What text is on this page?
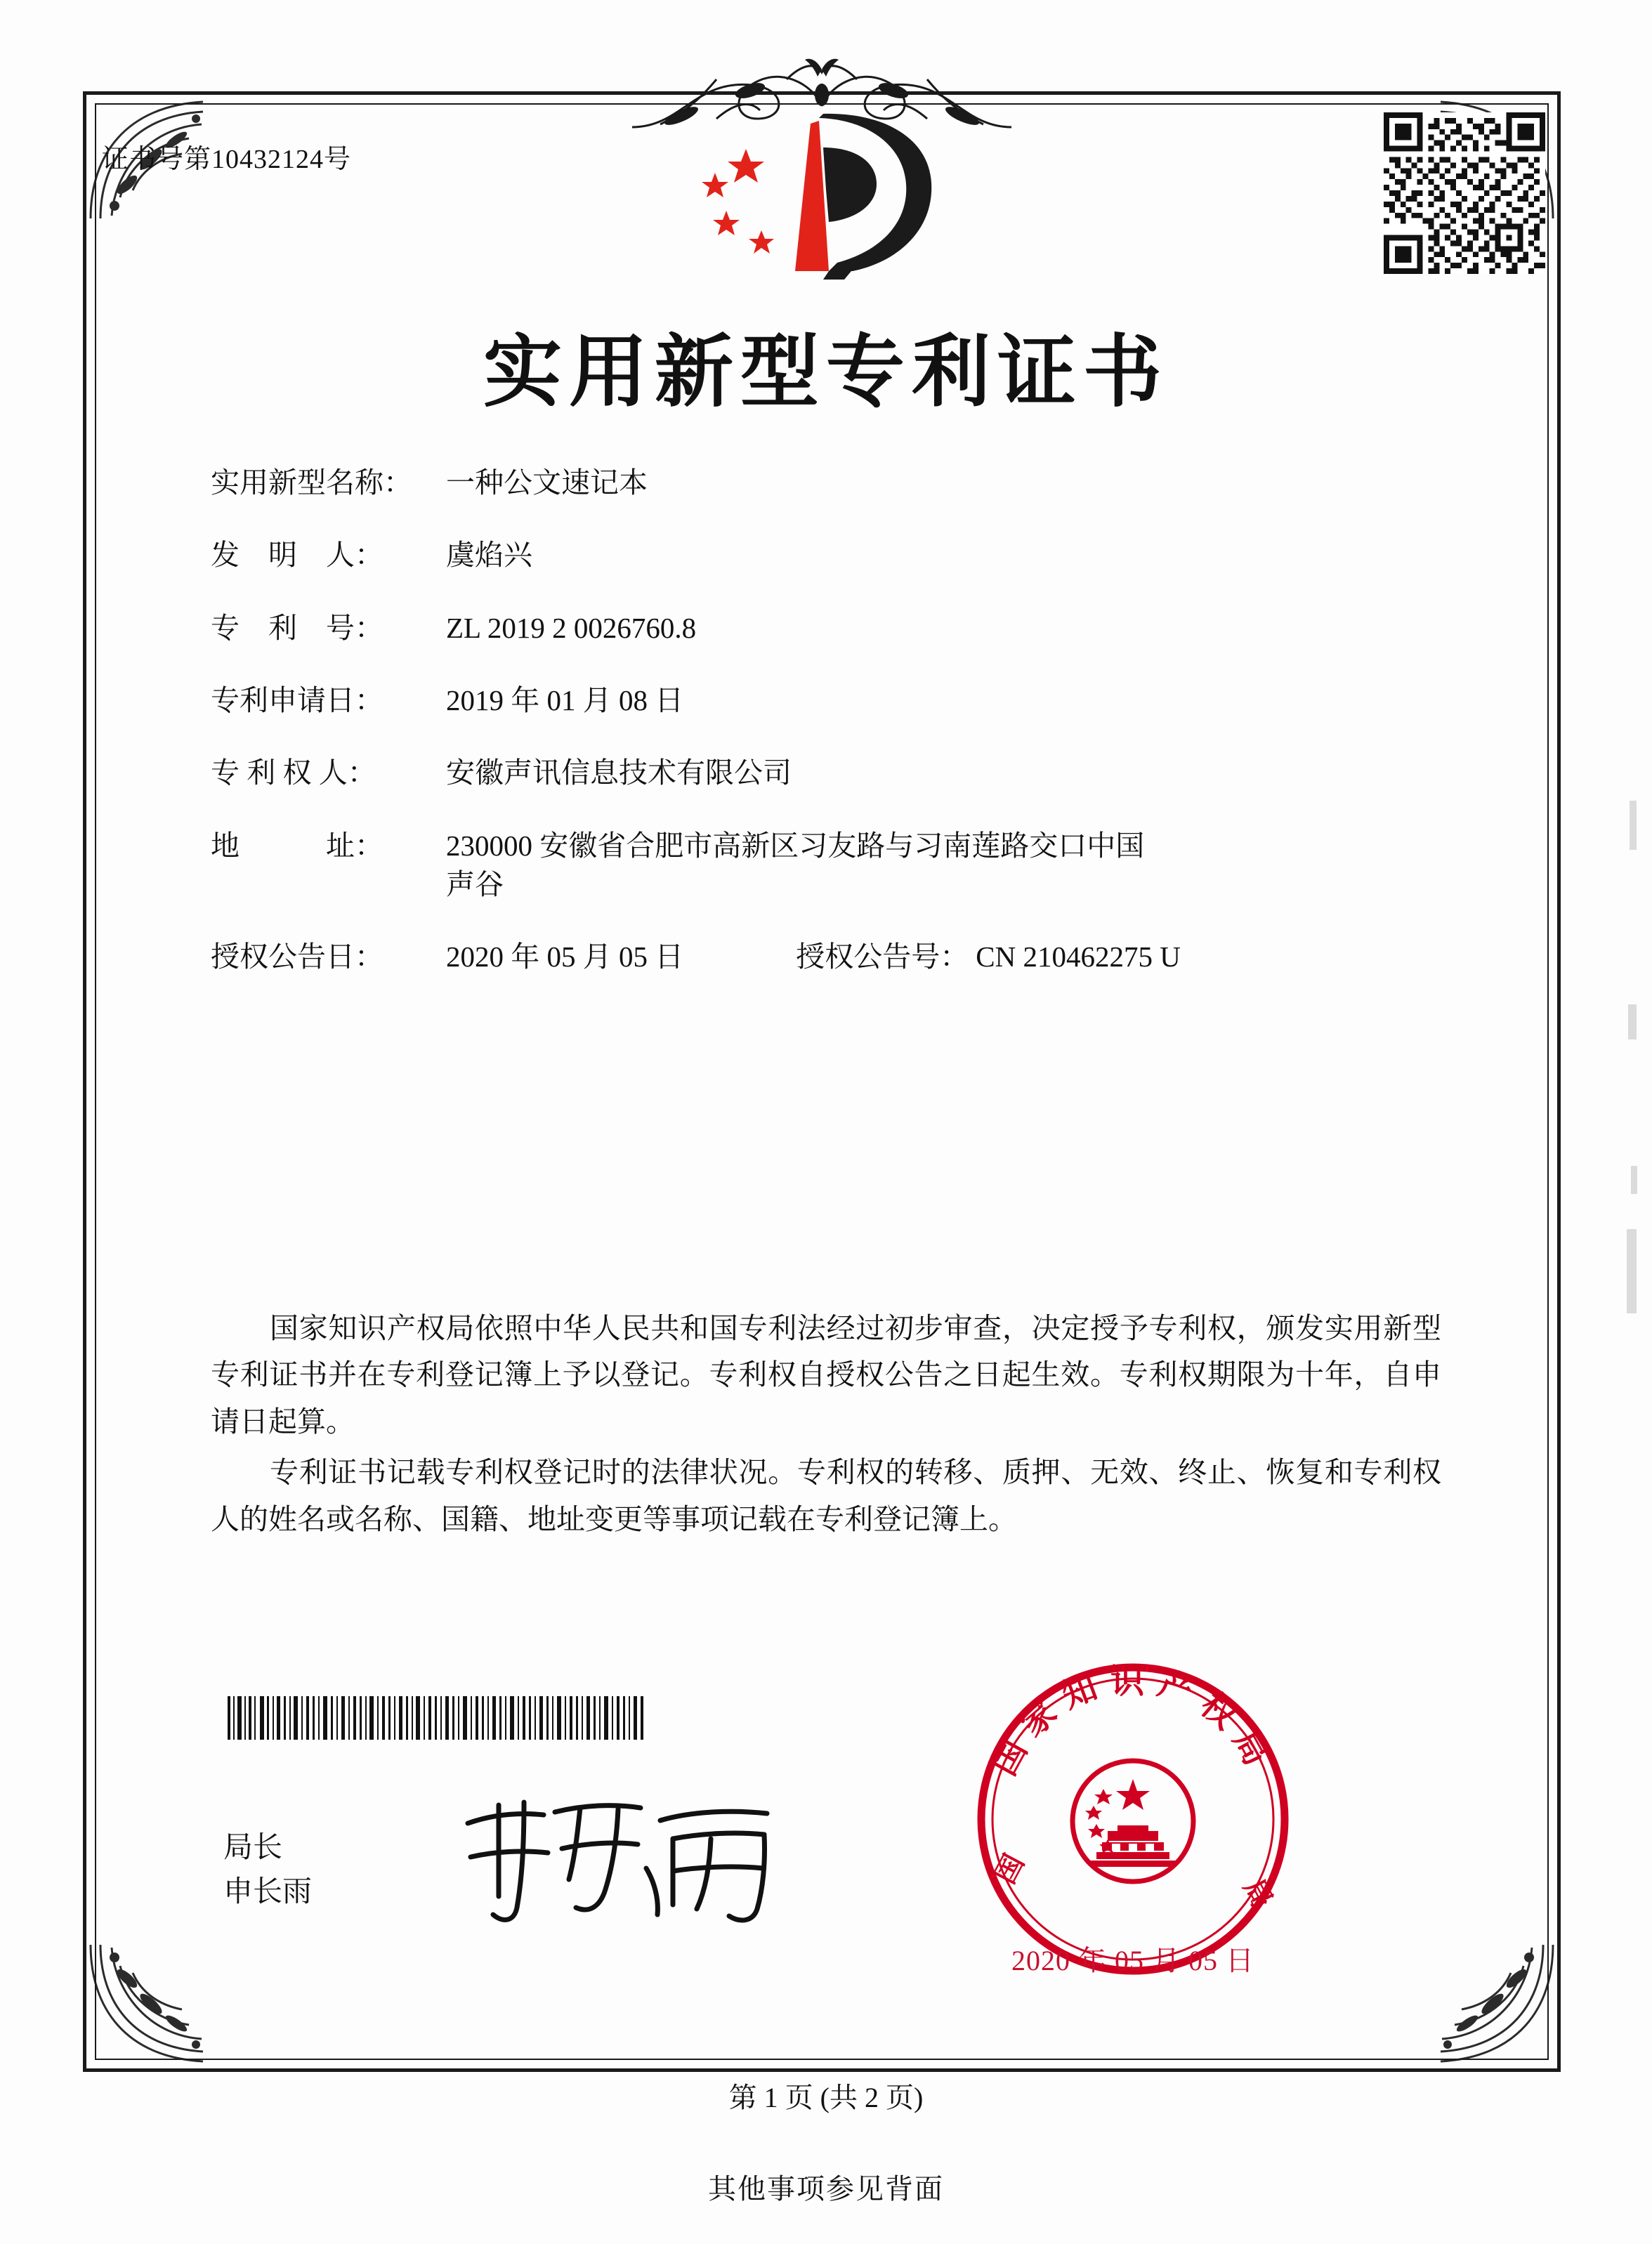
证书号第10432124号
实用新型专利证书
实用新型名称：	一种公文速记本
发　明　人：	虞焰兴
专　利　号：	ZL 2019 2 0026760.8
专利申请日：	2019 年 01 月 08 日
专 利 权 人：	安徽声讯信息技术有限公司
地　　　址：	230000 安徽省合肥市高新区习友路与习南莲路交口中国
声谷
授权公告日：	2020 年 05 月 05 日	授权公告号： CN 210462275 U

国家知识产权局依照中华人民共和国专利法经过初步审查，决定授予专利权，颁发实用新型专利证书并在专利登记簿上予以登记。专利权自授权公告之日起生效。专利权期限为十年，自申请日起算。

专利证书记载专利权登记时的法律状况。专利权的转移、质押、无效、终止、恢复和专利权人的姓名或名称、国籍、地址变更等事项记载在专利登记簿上。

局长
申长雨
国家知识产权局
国
局
2020 年 05 月 05 日
第 1 页 (共 2 页)
其他事项参见背面
